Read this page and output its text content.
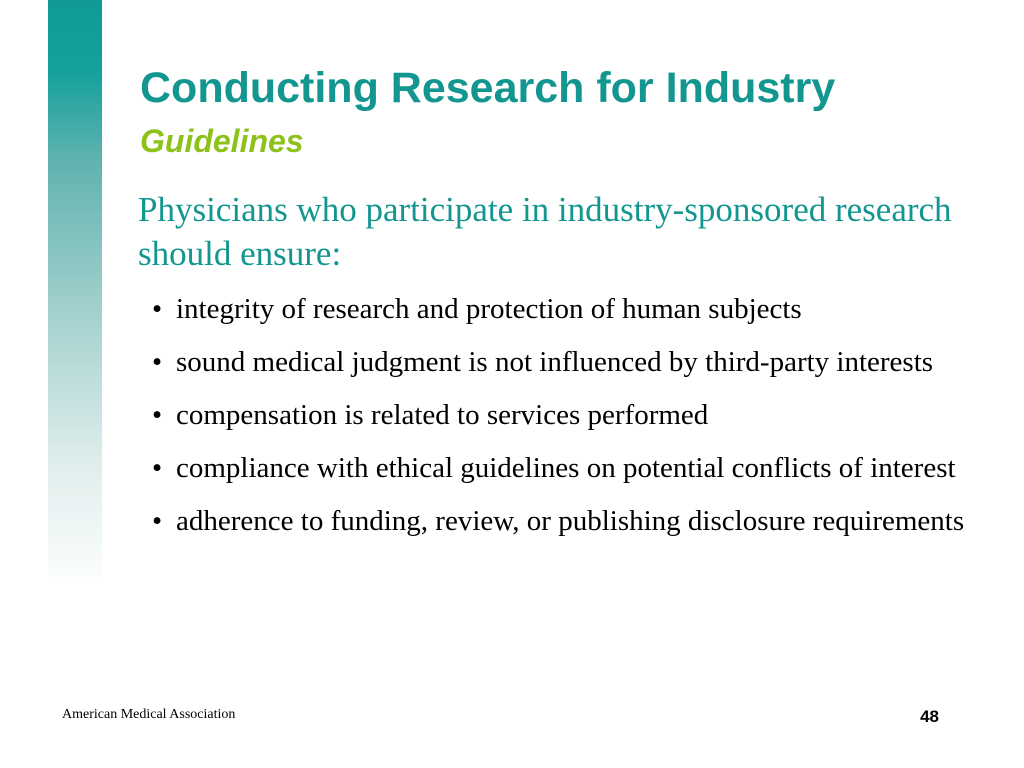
Conducting Research for Industry
Guidelines

Physicians who participate in industry-sponsored research should ensure:

• integrity of research and protection of human subjects
• sound medical judgment is not influenced by third-party interests
• compensation is related to services performed
• compliance with ethical guidelines on potential conflicts of interest
• adherence to funding, review, or publishing disclosure requirements

American Medical Association	48
